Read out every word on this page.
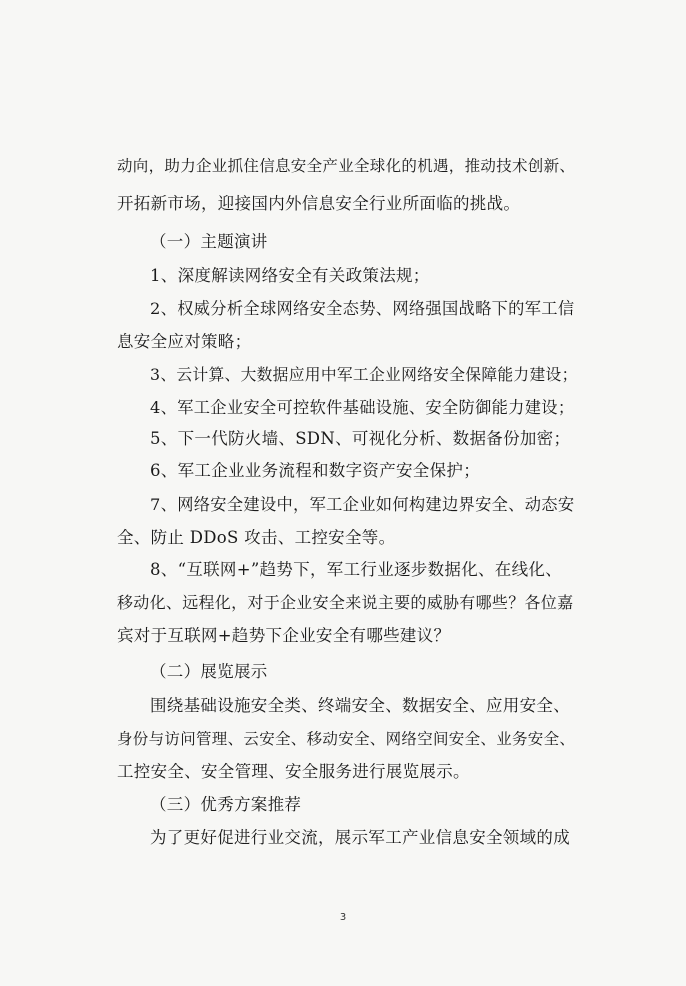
动向，助力企业抓住信息安全产业全球化的机遇，推动技术创新、

开拓新市场，迎接国内外信息安全行业所面临的挑战。

（一）主题演讲

1、深度解读网络安全有关政策法规；

2、权威分析全球网络安全态势、网络强国战略下的军工信

息安全应对策略；

3、云计算、大数据应用中军工企业网络安全保障能力建设；

4、军工企业安全可控软件基础设施、安全防御能力建设；

5、下一代防火墙、SDN、可视化分析、数据备份加密；

6、军工企业业务流程和数字资产安全保护；

7、网络安全建设中，军工企业如何构建边界安全、动态安

全、防止 DDoS 攻击、工控安全等。

8、“互联网+”趋势下，军工行业逐步数据化、在线化、

移动化、远程化，对于企业安全来说主要的威胁有哪些？各位嘉

宾对于互联网+趋势下企业安全有哪些建议？

（二）展览展示

围绕基础设施安全类、终端安全、数据安全、应用安全、

身份与访问管理、云安全、移动安全、网络空间安全、业务安全、

工控安全、安全管理、安全服务进行展览展示。

（三）优秀方案推荐

为了更好促进行业交流，展示军工产业信息安全领域的成

3
